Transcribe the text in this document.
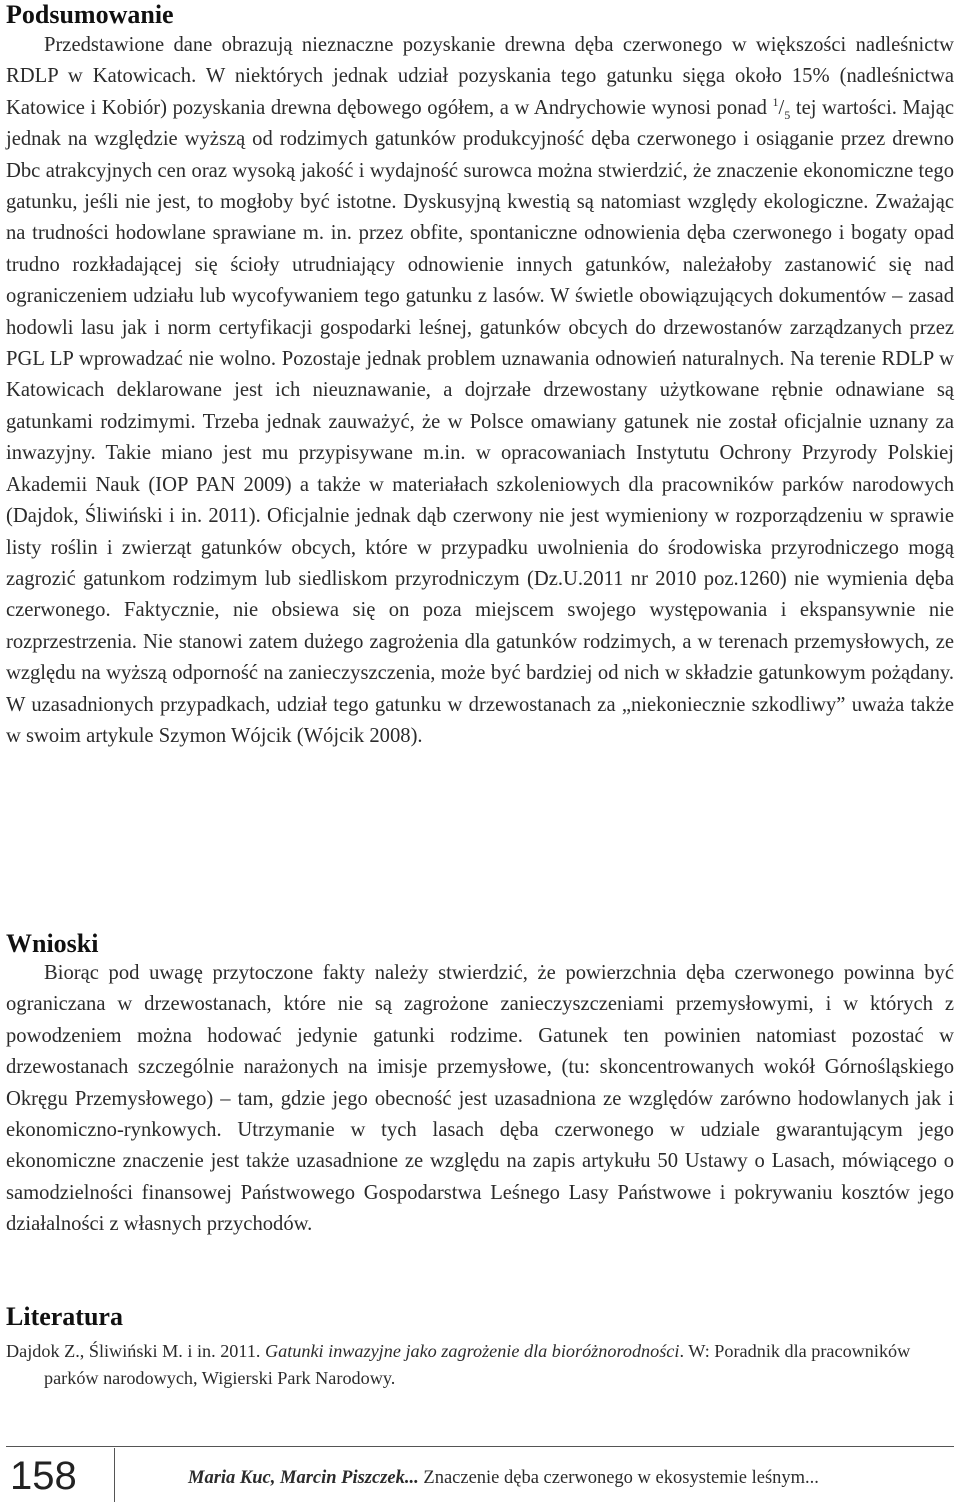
Podsumowanie

Przedstawione dane obrazują nieznaczne pozyskanie drewna dęba czerwonego w większości nadleśnictw RDLP w Katowicach. W niektórych jednak udział pozyskania tego gatunku sięga około 15% (nadleśnictwa Katowice i Kobiór) pozyskania drewna dębowego ogółem, a w Andrychowie wynosi ponad $^1/_5$ tej wartości. Mając jednak na względzie wyższą od rodzimych gatunków produkcyjność dęba czerwonego i osiąganie przez drewno Dbc atrakcyjnych cen oraz wysoką jakość i wydajność surowca można stwierdzić, że znaczenie ekonomiczne tego gatunku, jeśli nie jest, to mogłoby być istotne. Dyskusyjną kwestią są natomiast względy ekologiczne. Zważając na trudności hodowlane sprawiane m. in. przez obfite, spontaniczne odnowienia dęba czerwonego i bogaty opad trudno rozkładającej się ścioły utrudniający odnowienie innych gatunków, należałoby zastanowić się nad ograniczeniem udziału lub wycofywaniem tego gatunku z lasów. W świetle obowiązujących dokumentów – zasad hodowli lasu jak i norm certyfikacji gospodarki leśnej, gatunków obcych do drzewostanów zarządzanych przez PGL LP wprowadzać nie wolno. Pozostaje jednak problem uznawania odnowień naturalnych. Na terenie RDLP w Katowicach deklarowane jest ich nieuznawanie, a dojrzałe drzewostany użytkowane rębnie odnawiane są gatunkami rodzimymi. Trzeba jednak zauważyć, że w Polsce omawiany gatunek nie został oficjalnie uznany za inwazyjny. Takie miano jest mu przypisywane m.in. w opracowaniach Instytutu Ochrony Przyrody Polskiej Akademii Nauk (IOP PAN 2009) a także w materiałach szkoleniowych dla pracowników parków narodowych (Dajdok, Śliwiński i in. 2011). Oficjalnie jednak dąb czerwony nie jest wymieniony w rozporządzeniu w sprawie listy roślin i zwierząt gatunków obcych, które w przypadku uwolnienia do środowiska przyrodniczego mogą zagrozić gatunkom rodzimym lub siedliskom przyrodniczym (Dz.U.2011 nr 2010 poz.1260) nie wymienia dęba czerwonego. Faktycznie, nie obsiewa się on poza miejscem swojego występowania i ekspansywnie nie rozprzestrzenia. Nie stanowi zatem dużego zagrożenia dla gatunków rodzimych, a w terenach przemysłowych, ze względu na wyższą odporność na zanieczyszczenia, może być bardziej od nich w składzie gatunkowym pożądany. W uzasadnionych przypadkach, udział tego gatunku w drzewostanach za „niekoniecznie szkodliwy” uważa także w swoim artykule Szymon Wójcik (Wójcik 2008).

Wnioski

Biorąc pod uwagę przytoczone fakty należy stwierdzić, że powierzchnia dęba czerwonego powinna być ograniczana w drzewostanach, które nie są zagrożone zanieczyszczeniami przemysłowymi, i w których z powodzeniem można hodować jedynie gatunki rodzime. Gatunek ten powinien natomiast pozostać w drzewostanach szczególnie narażonych na imisje przemysłowe, (tu: skoncentrowanych wokół Górnośląskiego Okręgu Przemysłowego) – tam, gdzie jego obecność jest uzasadniona ze względów zarówno hodowlanych jak i ekonomiczno-rynkowych. Utrzymanie w tych lasach dęba czerwonego w udziale gwarantującym jego ekonomiczne znaczenie jest także uzasadnione ze względu na zapis artykułu 50 Ustawy o Lasach, mówiącego o samodzielności finansowej Państwowego Gospodarstwa Leśnego Lasy Państwowe i pokrywaniu kosztów jego działalności z własnych przychodów.

Literatura

Dajdok Z., Śliwiński M. i in. 2011. Gatunki inwazyjne jako zagrożenie dla bioróżnorodności. W: Poradnik dla pracowników parków narodowych, Wigierski Park Narodowy.

158	Maria Kuc, Marcin Piszczek... Znaczenie dęba czerwonego w ekosystemie leśnym...
